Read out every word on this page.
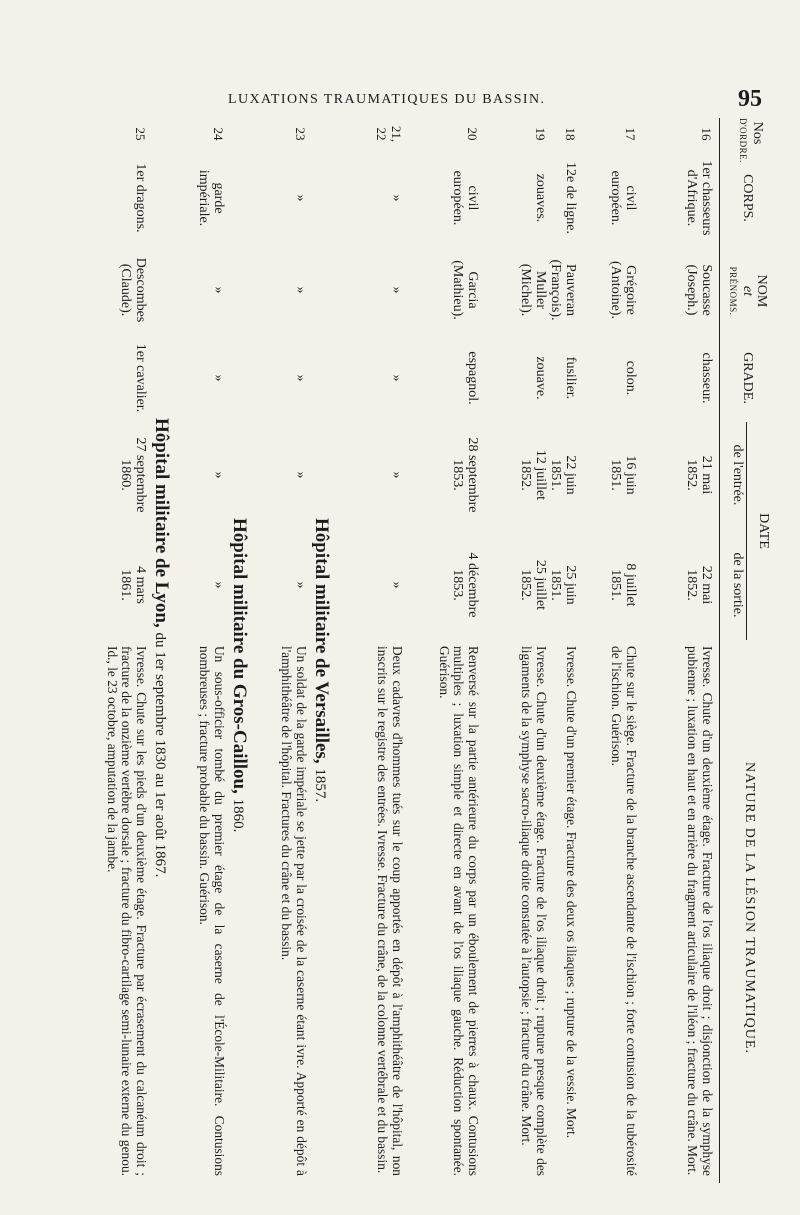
LUXATIONS TRAUMATIQUES DU BASSIN.	95
Nos
D'ORDRE.
CORPS.
NOM
et
PRÉNOMS.
GRADE.
DATE
de l'entrée.
de la sortie.
NATURE DE LA LÉSION TRAUMATIQUE.
16
1er chasseurs
d'Afrique.
Soucasse
(Joseph.)
chasseur.
21 mai
1852.
22 mai
1852.
Ivresse. Chute d'un deuxième étage. Fracture de l'os iliaque droit ; disjonction de la symphyse pubienne ; luxation en haut et en arrière du fragment articulaire de l'iléon ; fracture du crâne. Mort.
17
civil
européen.
Grégoire
(Antoine).
colon.
16 juin
1851.
8 juillet
1851.
Chute sur le siège. Fracture de la branche ascendante de l'ischion ; forte contusion de la tubérosité de l'ischion. Guérison.
18
12e de ligne.
Pauveran
(François).
fusilier.
22 juin
1851.
25 juin
1851.
Ivresse. Chute d'un premier étage. Fracture des deux os iliaques ; rupture de la vessie. Mort.
19
zouaves.
Muller
(Michel).
zouave.
12 juillet
1852.
25 juillet
1852.
Ivresse. Chute d'un deuxième étage. Fracture de l'os iliaque droit ; rupture presque complète des ligaments de la symphyse sacro-iliaque droite constatée à l'autopsie ; fracture du crâne. Mort.
20
civil
européen.
Garcia
(Mathieu).
espagnol.
28 septembre
1853.
4 décembre
1853.
Renversé sur la partie antérieure du corps par un éboulement de pierres à chaux. Contusions multiples ; luxation simple et directe en avant de l'os iliaque gauche. Réduction spontanée. Guérison.
21, 22
»
»
»
»
»
Deux cadavres d'hommes tués sur le coup apportés en dépôt à l'amphithéâtre de l'hôpital, non inscrits sur le registre des entrées. Ivresse. Fracture du crâne, de la colonne vertébrale et du bassin.
Hôpital militaire de Versailles, 1857.
23
»
»
»
»
»
Un soldat de la garde impériale se jette par la croisée de la caserne étant ivre. Apporté en dépôt à l'amphithéâtre de l'hôpital. Fractures du crâne et du bassin.
Hôpital militaire du Gros-Caillou, 1860.
24
garde
impériale.
»
»
»
»
Un sous-officier tombé du premier étage de la caserne de l'École-Militaire. Contusions nombreuses ; fracture probable du bassin. Guérison.
Hôpital militaire de Lyon, du 1er septembre 1830 au 1er août 1867.
25
1er dragons.
Descombes
(Claude).
1er cavalier.
27 septembre
1860.
4 mars
1861.
Ivresse. Chute sur les pieds d'un deuxième étage. Fracture par écrasement du calcanéum droit ; fracture de la onzième vertèbre dorsale ; fracture du fibro-cartilage semi-lunaire externe du genou. Id., le 23 octobre, amputation de la jambe.
